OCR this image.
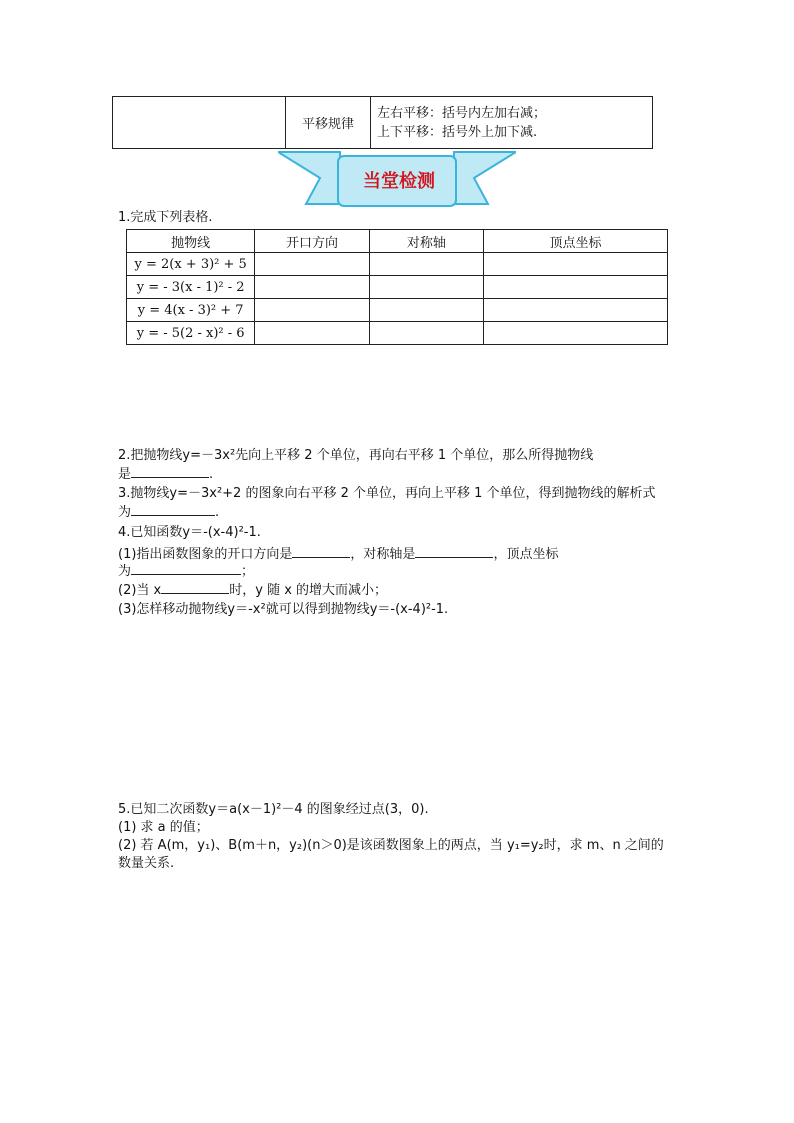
	平移规律	
左右平移：括号内左加右减；
上下平移：括号外上加下减.
当堂检测
1.完成下列表格.
抛物线	开口方向	对称轴	顶点坐标
y = 2(x + 3)² + 5			
y = - 3(x - 1)² - 2			
y = 4(x - 3)² + 7			
y = - 5(2 - x)² - 6			
2.把抛物线y=－3x²先向上平移 2 个单位，再向右平移 1 个单位，那么所得抛物线
是	.
3.抛物线y=－3x²+2 的图象向右平移 2 个单位，再向上平移 1 个单位，得到抛物线的解析式
为	.
4.已知函数y＝-(x-4)²-1.
(1)指出函数图象的开口方向是	，对称轴是	，顶点坐标
为	；
(2)当 x	时，y 随 x 的增大而减小；
(3)怎样移动抛物线y＝-x²就可以得到抛物线y＝-(x-4)²-1.
5.已知二次函数y＝a(x－1)²－4 的图象经过点(3，0).
(1) 求 a 的值；
(2) 若 A(m，y₁)、B(m＋n，y₂)(n＞0)是该函数图象上的两点，当 y₁=y₂时，求 m、n 之间的
数量关系.
